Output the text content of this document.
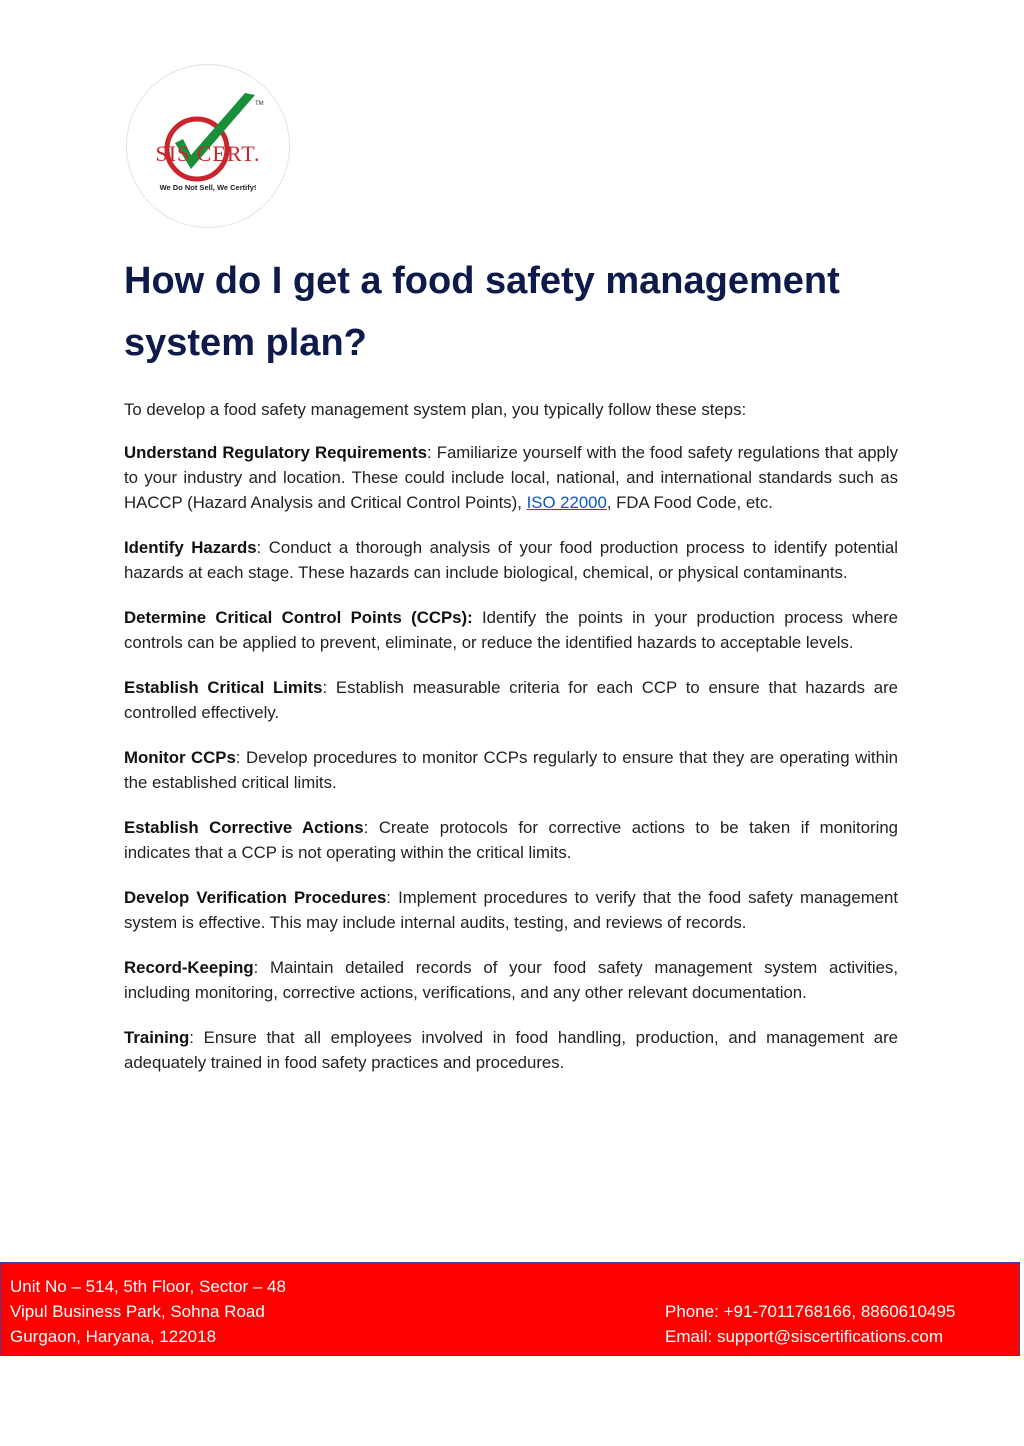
SIS CERT.
TM
We Do Not Sell, We Certify!
How do I get a food safety management system plan?

To develop a food safety management system plan, you typically follow these steps:

Understand Regulatory Requirements: Familiarize yourself with the food safety regulations that apply to your industry and location. These could include local, national, and international standards such as HACCP (Hazard Analysis and Critical Control Points), ISO 22000, FDA Food Code, etc.

Identify Hazards: Conduct a thorough analysis of your food production process to identify potential hazards at each stage. These hazards can include biological, chemical, or physical contaminants.

Determine Critical Control Points (CCPs): Identify the points in your production process where controls can be applied to prevent, eliminate, or reduce the identified hazards to acceptable levels.

Establish Critical Limits: Establish measurable criteria for each CCP to ensure that hazards are controlled effectively.

Monitor CCPs: Develop procedures to monitor CCPs regularly to ensure that they are operating within the established critical limits.

Establish Corrective Actions: Create protocols for corrective actions to be taken if monitoring indicates that a CCP is not operating within the critical limits.

Develop Verification Procedures: Implement procedures to verify that the food safety management system is effective. This may include internal audits, testing, and reviews of records.

Record-Keeping: Maintain detailed records of your food safety management system activities, including monitoring, corrective actions, verifications, and any other relevant documentation.

Training: Ensure that all employees involved in food handling, production, and management are adequately trained in food safety practices and procedures.

Unit No – 514, 5th Floor, Sector – 48
Vipul Business Park, Sohna Road
Gurgaon, Haryana, 122018
Phone: +91-7011768166, 8860610495
Email: support@siscertifications.com
